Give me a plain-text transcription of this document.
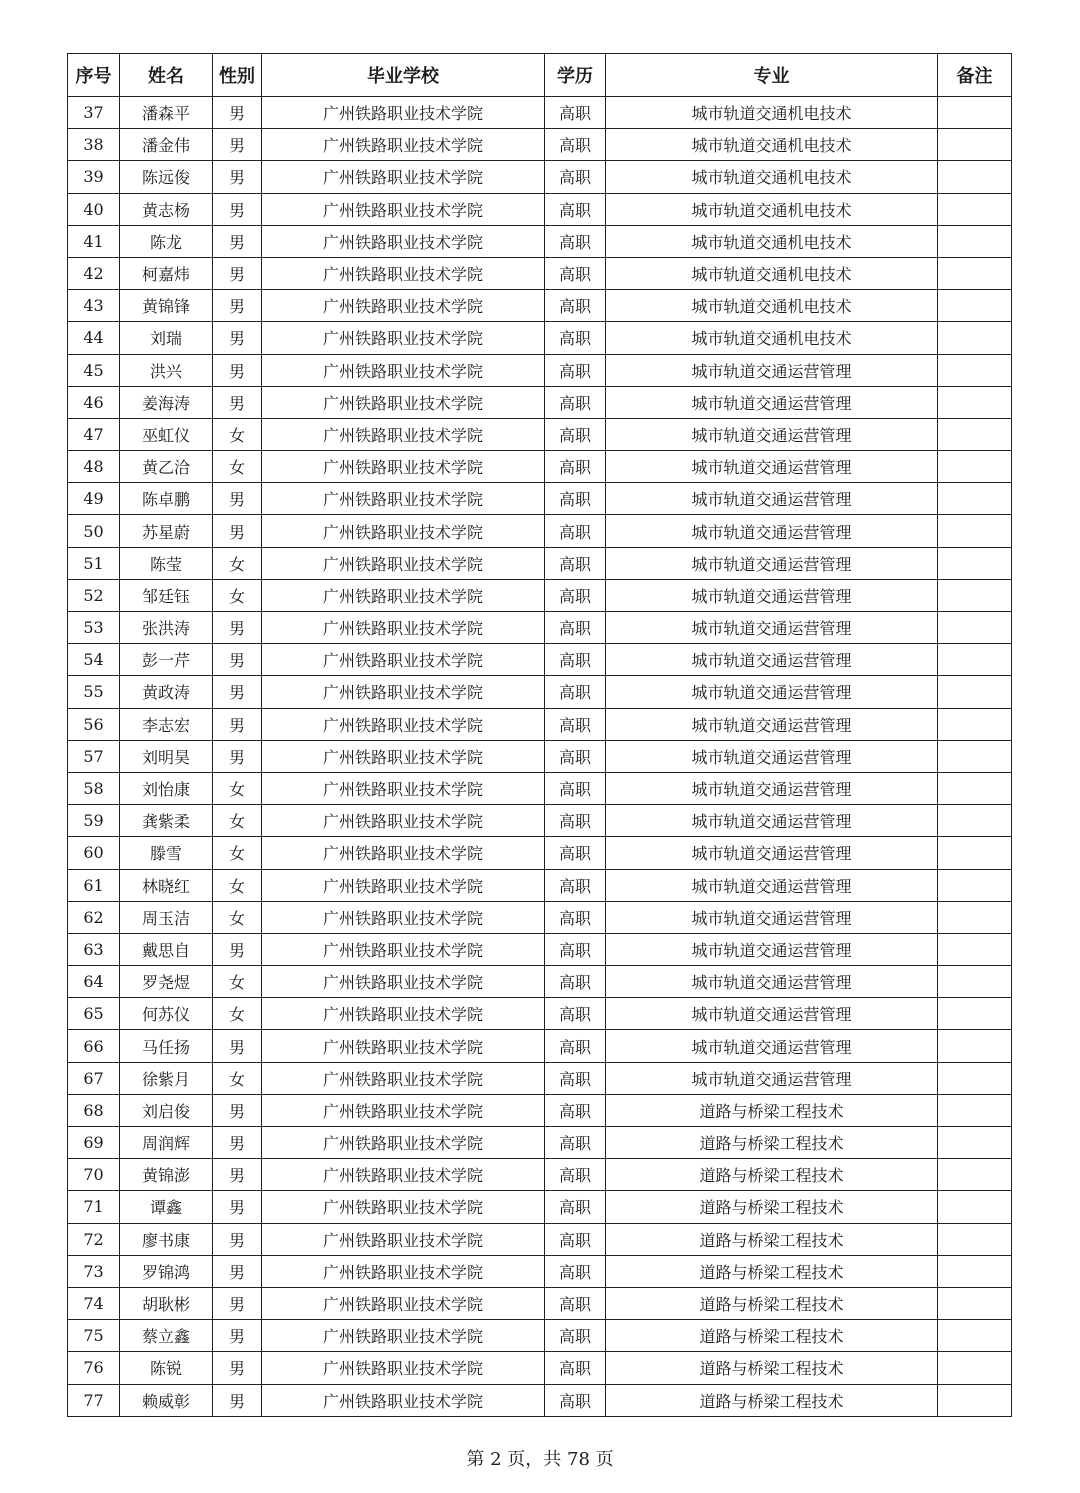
序号	姓名	性别	毕业学校	学历	专业	备注
37	潘森平	男	广州铁路职业技术学院	高职	城市轨道交通机电技术	
38	潘金伟	男	广州铁路职业技术学院	高职	城市轨道交通机电技术	
39	陈远俊	男	广州铁路职业技术学院	高职	城市轨道交通机电技术	
40	黄志杨	男	广州铁路职业技术学院	高职	城市轨道交通机电技术	
41	陈龙	男	广州铁路职业技术学院	高职	城市轨道交通机电技术	
42	柯嘉炜	男	广州铁路职业技术学院	高职	城市轨道交通机电技术	
43	黄锦锋	男	广州铁路职业技术学院	高职	城市轨道交通机电技术	
44	刘瑞	男	广州铁路职业技术学院	高职	城市轨道交通机电技术	
45	洪兴	男	广州铁路职业技术学院	高职	城市轨道交通运营管理	
46	姜海涛	男	广州铁路职业技术学院	高职	城市轨道交通运营管理	
47	巫虹仪	女	广州铁路职业技术学院	高职	城市轨道交通运营管理	
48	黄乙洽	女	广州铁路职业技术学院	高职	城市轨道交通运营管理	
49	陈卓鹏	男	广州铁路职业技术学院	高职	城市轨道交通运营管理	
50	苏星蔚	男	广州铁路职业技术学院	高职	城市轨道交通运营管理	
51	陈莹	女	广州铁路职业技术学院	高职	城市轨道交通运营管理	
52	邹廷钰	女	广州铁路职业技术学院	高职	城市轨道交通运营管理	
53	张洪涛	男	广州铁路职业技术学院	高职	城市轨道交通运营管理	
54	彭一芹	男	广州铁路职业技术学院	高职	城市轨道交通运营管理	
55	黄政涛	男	广州铁路职业技术学院	高职	城市轨道交通运营管理	
56	李志宏	男	广州铁路职业技术学院	高职	城市轨道交通运营管理	
57	刘明昊	男	广州铁路职业技术学院	高职	城市轨道交通运营管理	
58	刘怡康	女	广州铁路职业技术学院	高职	城市轨道交通运营管理	
59	龚紫柔	女	广州铁路职业技术学院	高职	城市轨道交通运营管理	
60	滕雪	女	广州铁路职业技术学院	高职	城市轨道交通运营管理	
61	林晓红	女	广州铁路职业技术学院	高职	城市轨道交通运营管理	
62	周玉洁	女	广州铁路职业技术学院	高职	城市轨道交通运营管理	
63	戴思自	男	广州铁路职业技术学院	高职	城市轨道交通运营管理	
64	罗尧煜	女	广州铁路职业技术学院	高职	城市轨道交通运营管理	
65	何苏仪	女	广州铁路职业技术学院	高职	城市轨道交通运营管理	
66	马任扬	男	广州铁路职业技术学院	高职	城市轨道交通运营管理	
67	徐紫月	女	广州铁路职业技术学院	高职	城市轨道交通运营管理	
68	刘启俊	男	广州铁路职业技术学院	高职	道路与桥梁工程技术	
69	周润辉	男	广州铁路职业技术学院	高职	道路与桥梁工程技术	
70	黄锦澎	男	广州铁路职业技术学院	高职	道路与桥梁工程技术	
71	谭鑫	男	广州铁路职业技术学院	高职	道路与桥梁工程技术	
72	廖书康	男	广州铁路职业技术学院	高职	道路与桥梁工程技术	
73	罗锦鸿	男	广州铁路职业技术学院	高职	道路与桥梁工程技术	
74	胡耿彬	男	广州铁路职业技术学院	高职	道路与桥梁工程技术	
75	蔡立鑫	男	广州铁路职业技术学院	高职	道路与桥梁工程技术	
76	陈锐	男	广州铁路职业技术学院	高职	道路与桥梁工程技术	
77	赖威彰	男	广州铁路职业技术学院	高职	道路与桥梁工程技术	
第 2 页，共 78 页
